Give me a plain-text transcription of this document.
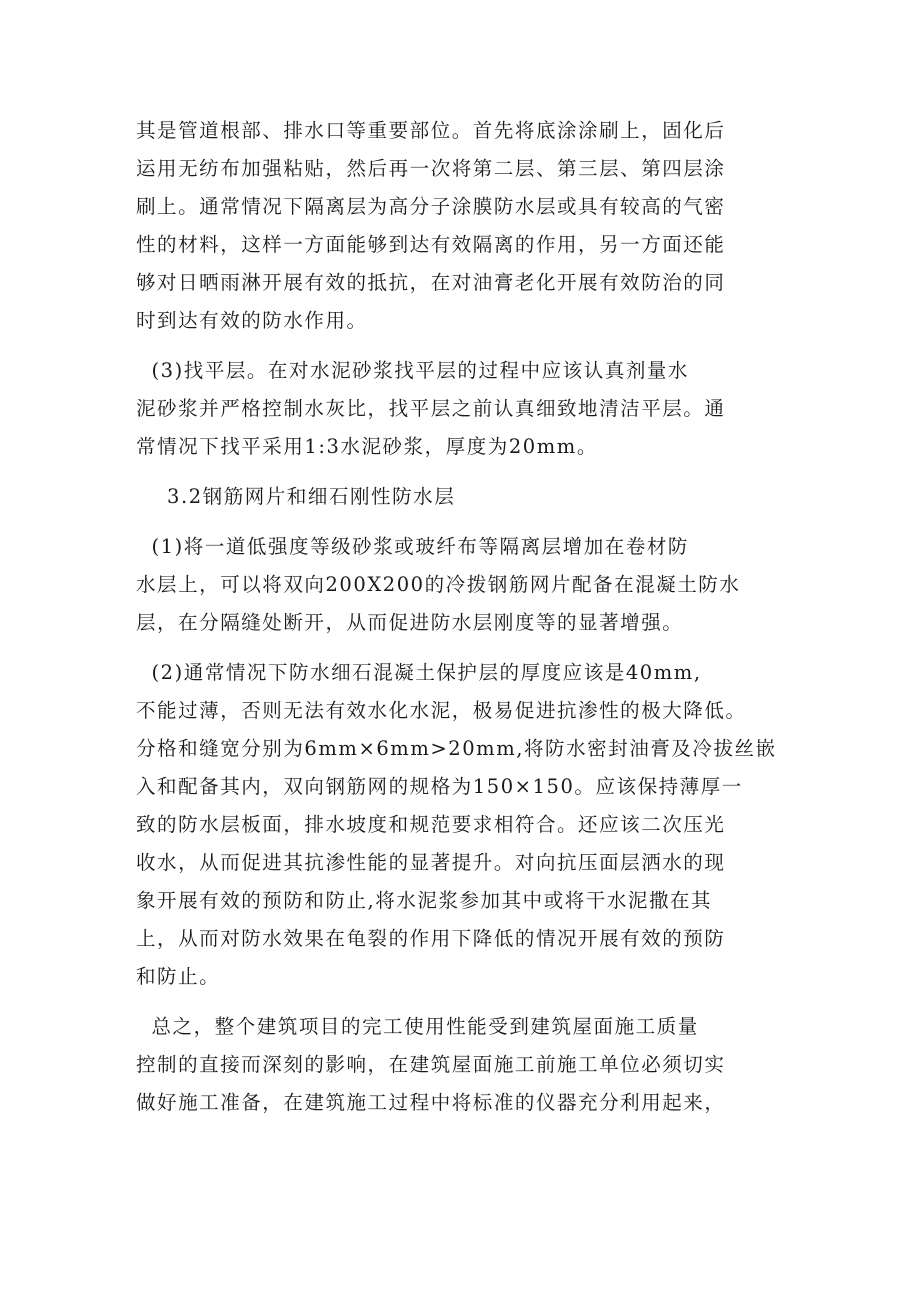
其是管道根部、排水口等重要部位。首先将底涂涂刷上，固化后
运用无纺布加强粘贴，然后再一次将第二层、第三层、第四层涂
刷上。通常情况下隔离层为高分子涂膜防水层或具有较高的气密
性的材料，这样一方面能够到达有效隔离的作用，另一方面还能
够对日晒雨淋开展有效的抵抗，在对油膏老化开展有效防治的同
时到达有效的防水作用。
(3)找平层。在对水泥砂浆找平层的过程中应该认真剂量水
泥砂浆并严格控制水灰比，找平层之前认真细致地清洁平层。通
常情况下找平采用1:3水泥砂浆，厚度为20mm。
3.2钢筋网片和细石刚性防水层
(1)将一道低强度等级砂浆或玻纤布等隔离层增加在卷材防
水层上，可以将双向200X200的冷拨钢筋网片配备在混凝土防水
层，在分隔缝处断开，从而促进防水层刚度等的显著增强。
(2)通常情况下防水细石混凝土保护层的厚度应该是40mm,
不能过薄，否则无法有效水化水泥，极易促进抗渗性的极大降低。
分格和缝宽分别为6mm×6mm>20mm,将防水密封油膏及冷拔丝嵌
入和配备其内，双向钢筋网的规格为150×150。应该保持薄厚一
致的防水层板面，排水坡度和规范要求相符合。还应该二次压光
收水，从而促进其抗渗性能的显著提升。对向抗压面层洒水的现
象开展有效的预防和防止,将水泥浆参加其中或将干水泥撒在其
上，从而对防水效果在龟裂的作用下降低的情况开展有效的预防
和防止。
总之，整个建筑项目的完工使用性能受到建筑屋面施工质量
控制的直接而深刻的影响，在建筑屋面施工前施工单位必须切实
做好施工准备，在建筑施工过程中将标准的仪器充分利用起来，
